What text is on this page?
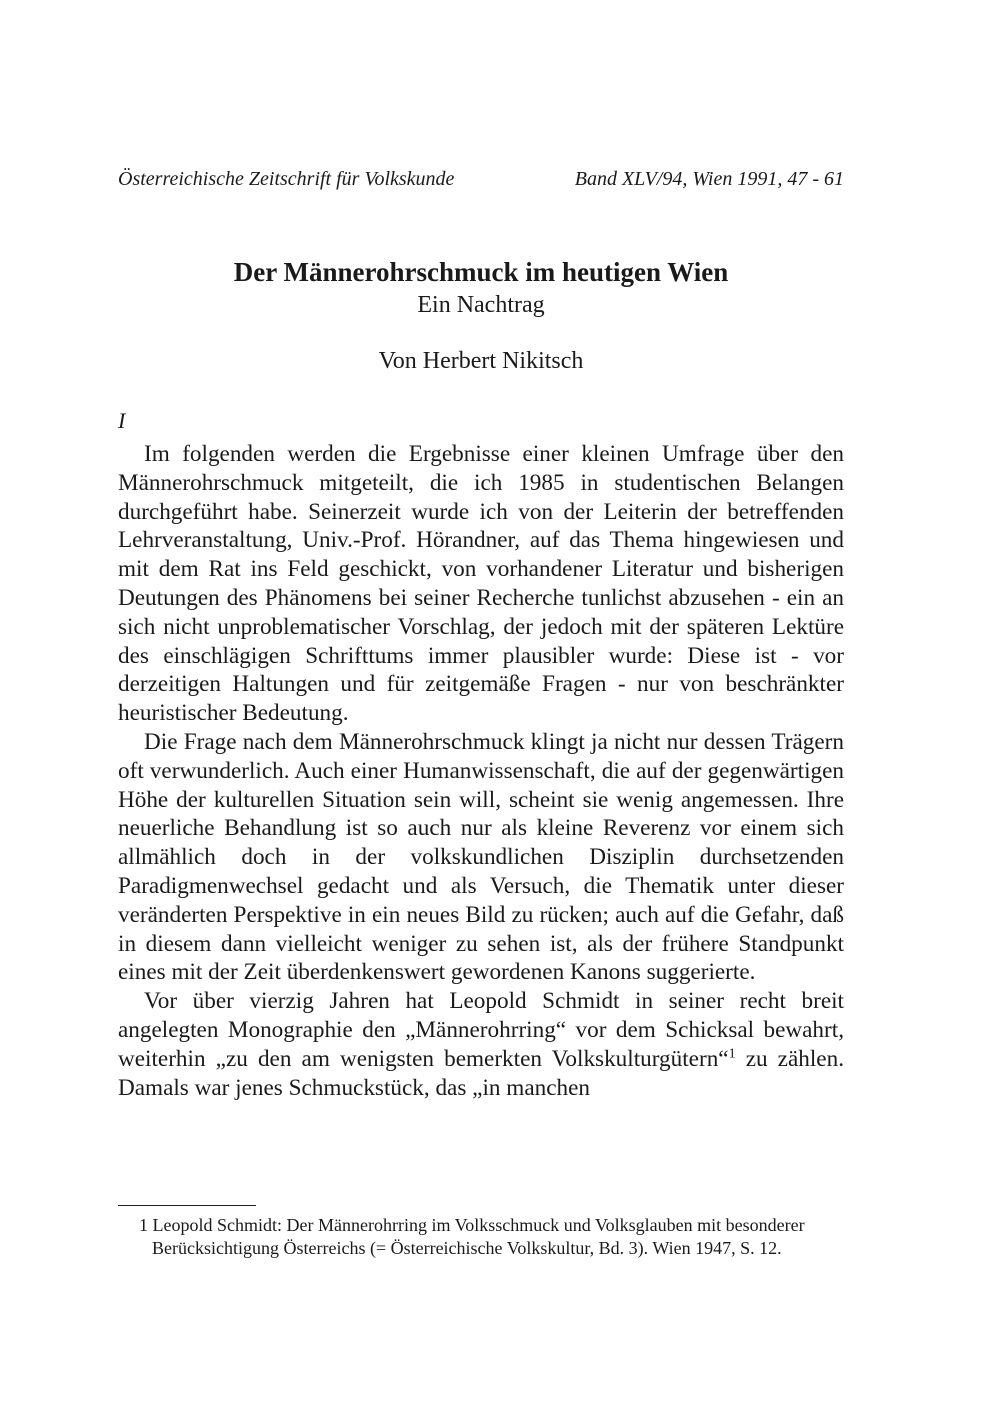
Österreichische Zeitschrift für Volkskunde	Band XLV/94, Wien 1991, 47 - 61
Der Männerohrschmuck im heutigen Wien

Ein Nachtrag

Von Herbert Nikitsch
I

Im folgenden werden die Ergebnisse einer kleinen Umfrage über den Männerohrschmuck mitgeteilt, die ich 1985 in studentischen Belangen durchgeführt habe. Seinerzeit wurde ich von der Leiterin der betreffenden Lehrveranstaltung, Univ.-Prof. Hörandner, auf das Thema hingewiesen und mit dem Rat ins Feld geschickt, von vorhandener Literatur und bisherigen Deutungen des Phänomens bei seiner Recherche tunlichst abzusehen - ein an sich nicht unproblematischer Vorschlag, der jedoch mit der späteren Lektüre des einschlägigen Schrifttums immer plausibler wurde: Diese ist - vor derzeitigen Haltungen und für zeitgemäße Fragen - nur von beschränkter heuristischer Bedeutung.

Die Frage nach dem Männerohrschmuck klingt ja nicht nur dessen Trägern oft verwunderlich. Auch einer Humanwissenschaft, die auf der gegenwärtigen Höhe der kulturellen Situation sein will, scheint sie wenig angemessen. Ihre neuerliche Behandlung ist so auch nur als kleine Reverenz vor einem sich allmählich doch in der volkskundlichen Disziplin durchsetzenden Paradigmenwechsel gedacht und als Versuch, die Thematik unter dieser veränderten Perspektive in ein neues Bild zu rücken; auch auf die Gefahr, daß in diesem dann vielleicht weniger zu sehen ist, als der frühere Standpunkt eines mit der Zeit überdenkenswert gewordenen Kanons suggerierte.

Vor über vierzig Jahren hat Leopold Schmidt in seiner recht breit angelegten Monographie den „Männerohrring“ vor dem Schicksal bewahrt, weiterhin „zu den am wenigsten bemerkten Volkskulturgütern“$^1$ zu zählen. Damals war jenes Schmuckstück, das „in manchen

1 Leopold Schmidt: Der Männerohrring im Volksschmuck und Volksglauben mit besonderer Berücksichtigung Österreichs (= Österreichische Volkskultur, Bd. 3). Wien 1947, S. 12.
